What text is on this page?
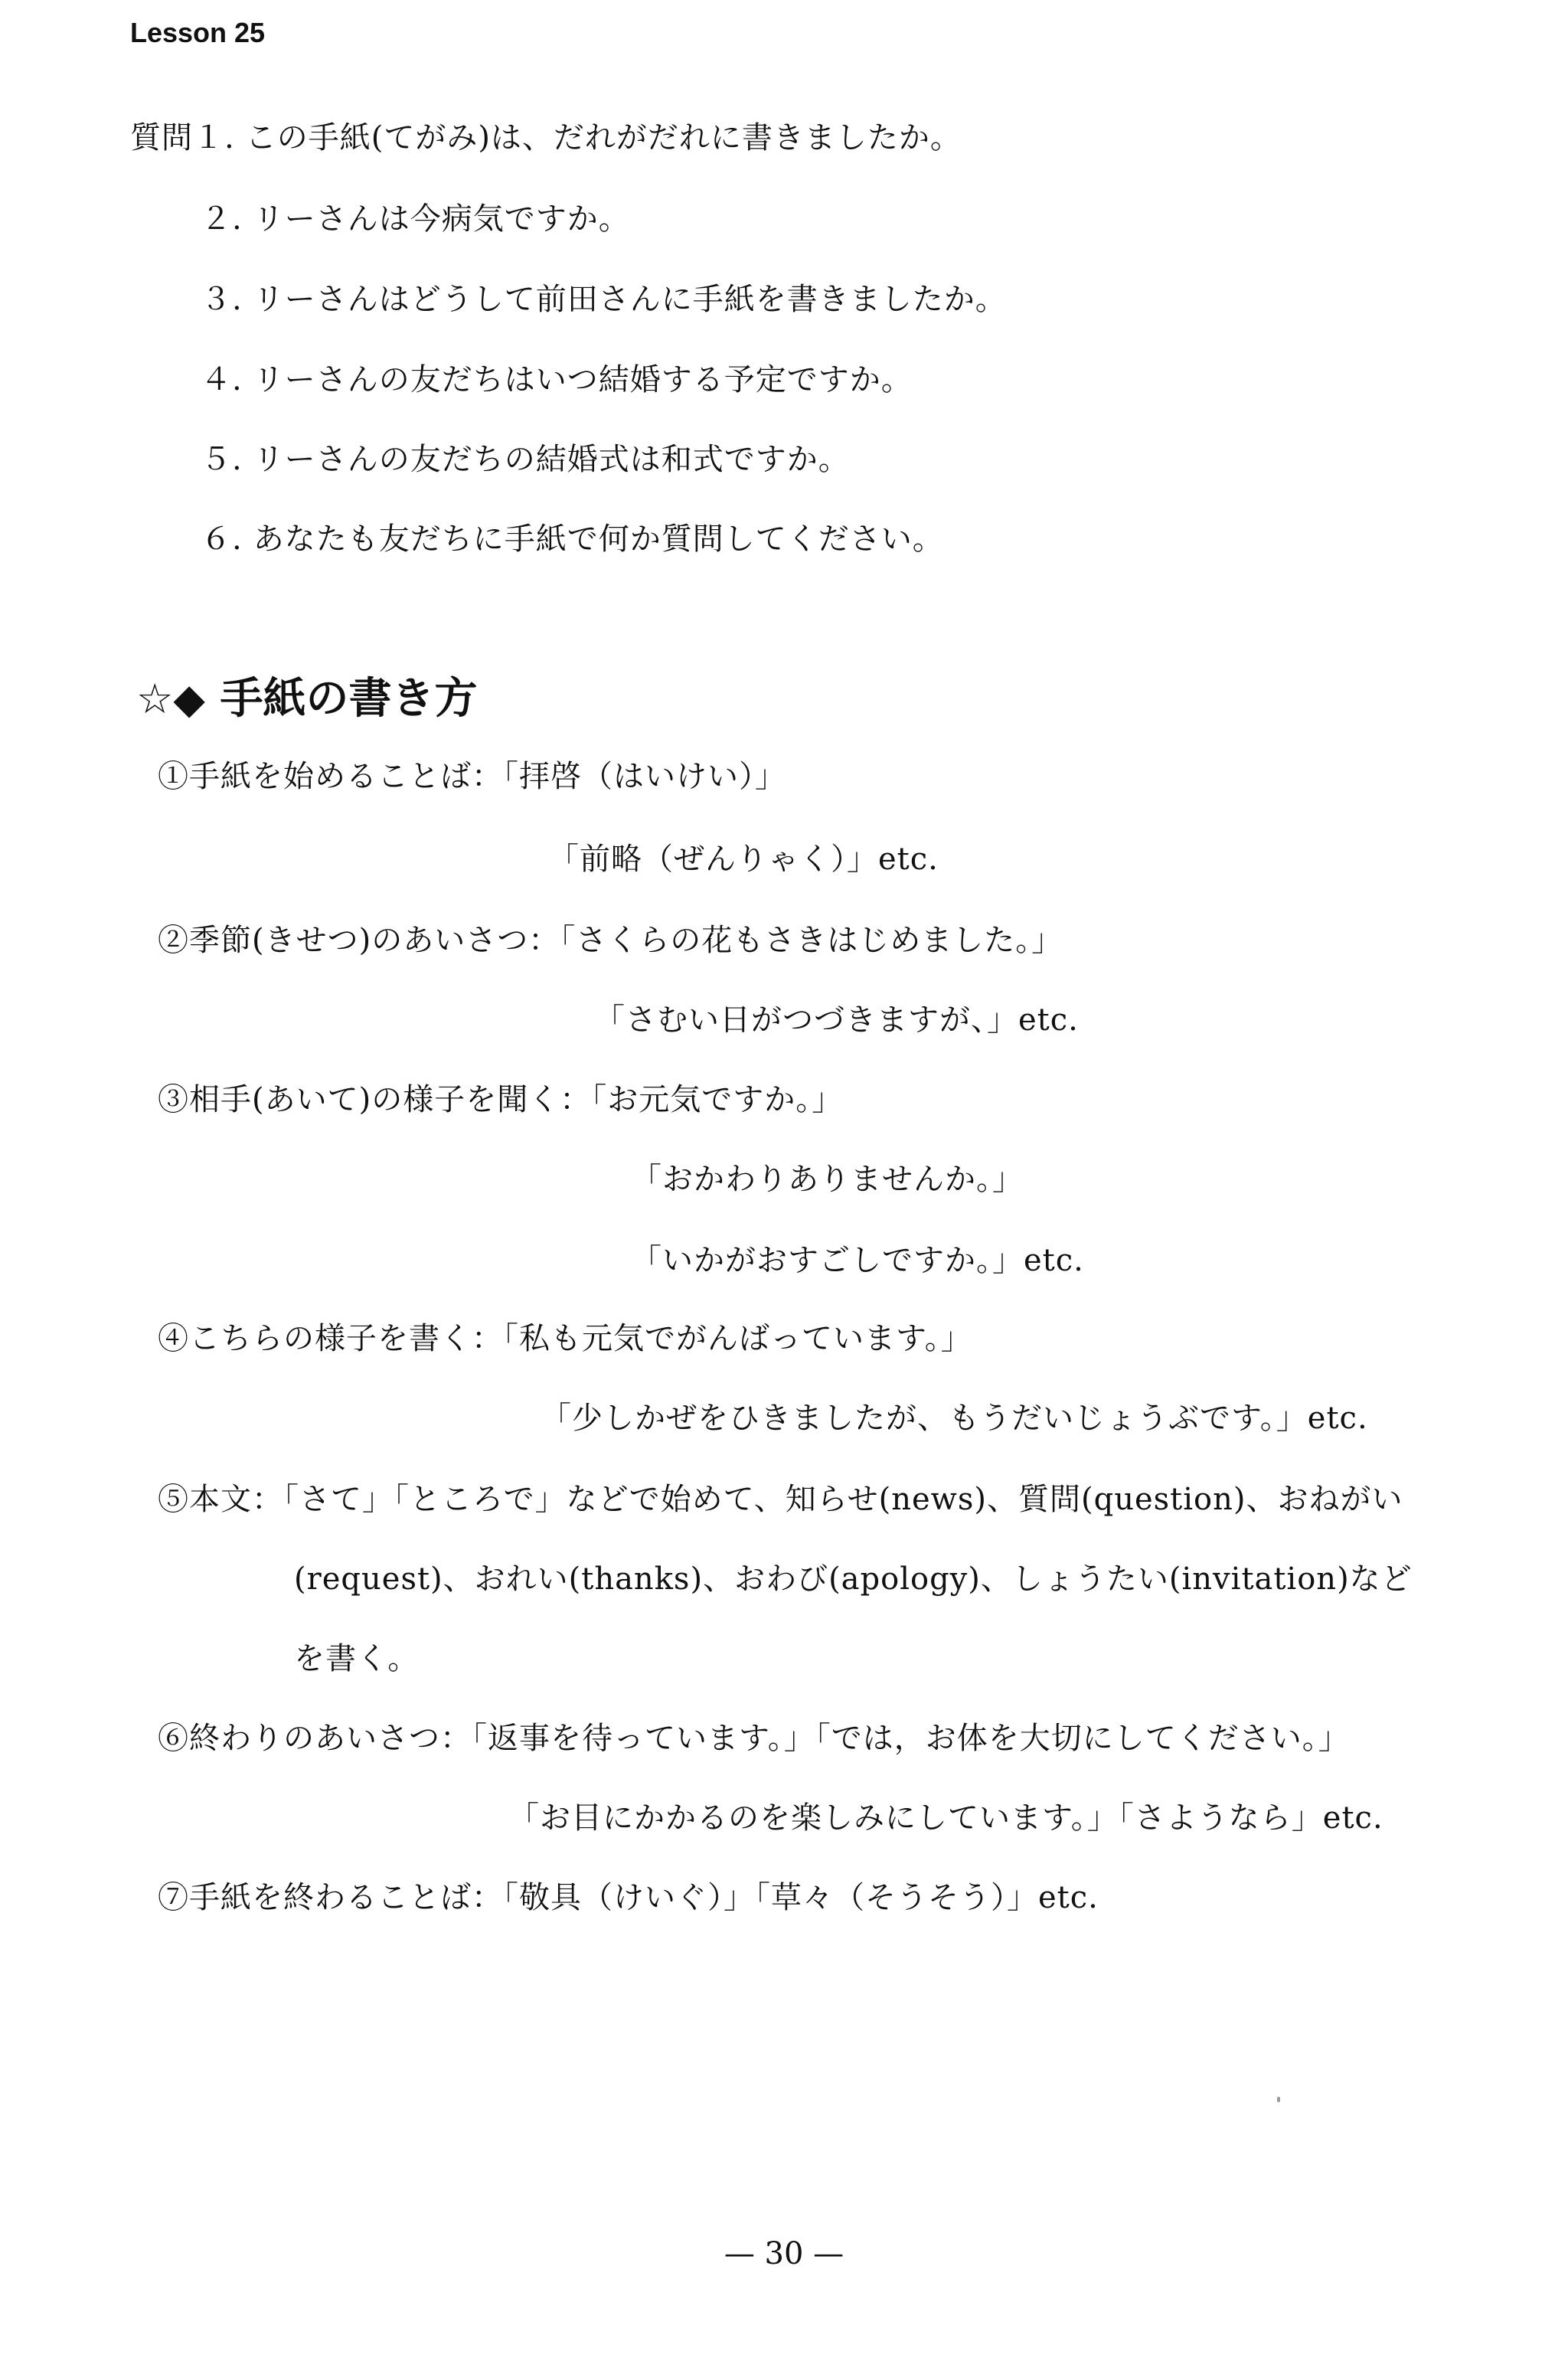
Lesson 25
質問１. この手紙(てがみ)は、だれがだれに書きましたか。
２. リーさんは今病気ですか。
３. リーさんはどうして前田さんに手紙を書きましたか。
４. リーさんの友だちはいつ結婚する予定ですか。
５. リーさんの友だちの結婚式は和式ですか。
６. あなたも友だちに手紙で何か質問してください。
☆◆ 手紙の書き方
①手紙を始めることば：「拝啓（はいけい）」
「前略（ぜんりゃく）」etc.
②季節(きせつ)のあいさつ：「さくらの花もさきはじめました。」
「さむい日がつづきますが、」etc.
③相手(あいて)の様子を聞く：「お元気ですか。」
「おかわりありませんか。」
「いかがおすごしですか。」etc.
④こちらの様子を書く：「私も元気でがんばっています。」
「少しかぜをひきましたが、もうだいじょうぶです。」etc.
⑤本文：「さて」「ところで」などで始めて、知らせ(news)、質問(question)、おねがい
(request)、おれい(thanks)、おわび(apology)、しょうたい(invitation)など
を書く。
⑥終わりのあいさつ：「返事を待っています。」「では，お体を大切にしてください。」
「お目にかかるのを楽しみにしています。」「さようなら」etc.
⑦手紙を終わることば：「敬具（けいぐ）」「草々（そうそう）」etc.
— 30 —
